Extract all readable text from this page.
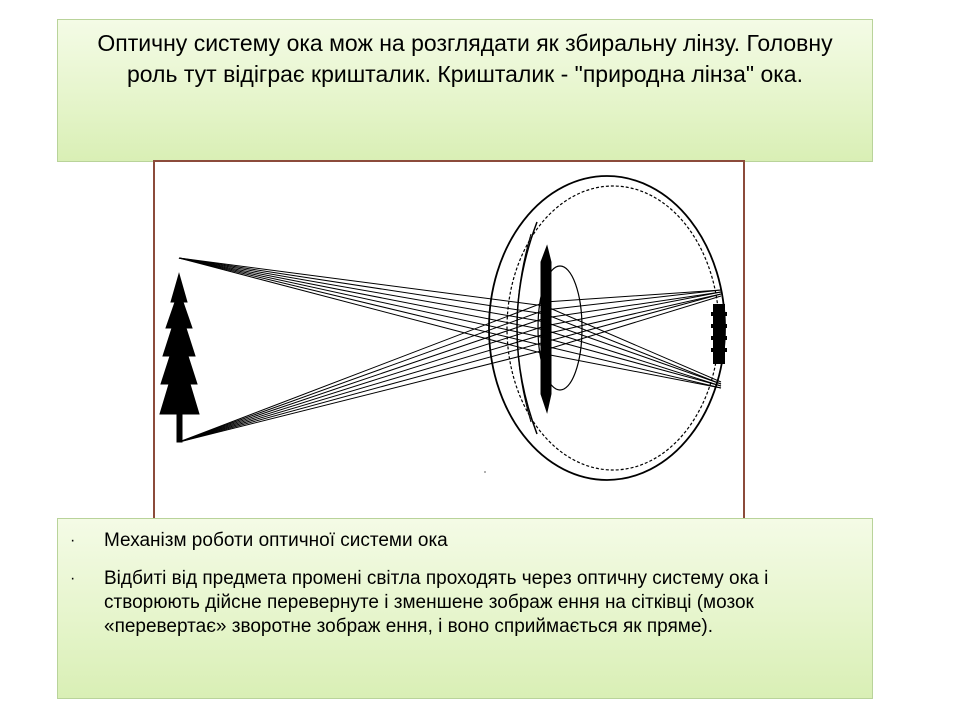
Оптичну систему ока мож на розглядати як збиральну лінзу. Головну роль тут відіграє кришталик. Кришталик - "природна лінза" ока.

· Механізм роботи оптичної системи ока
· Відбиті від предмета промені світла проходять через оптичну систему ока і створюють дійсне перевернуте і зменшене зображ ення на сітківці (мозок «перевертає» зворотне зображ ення, і воно сприймається як пряме).
